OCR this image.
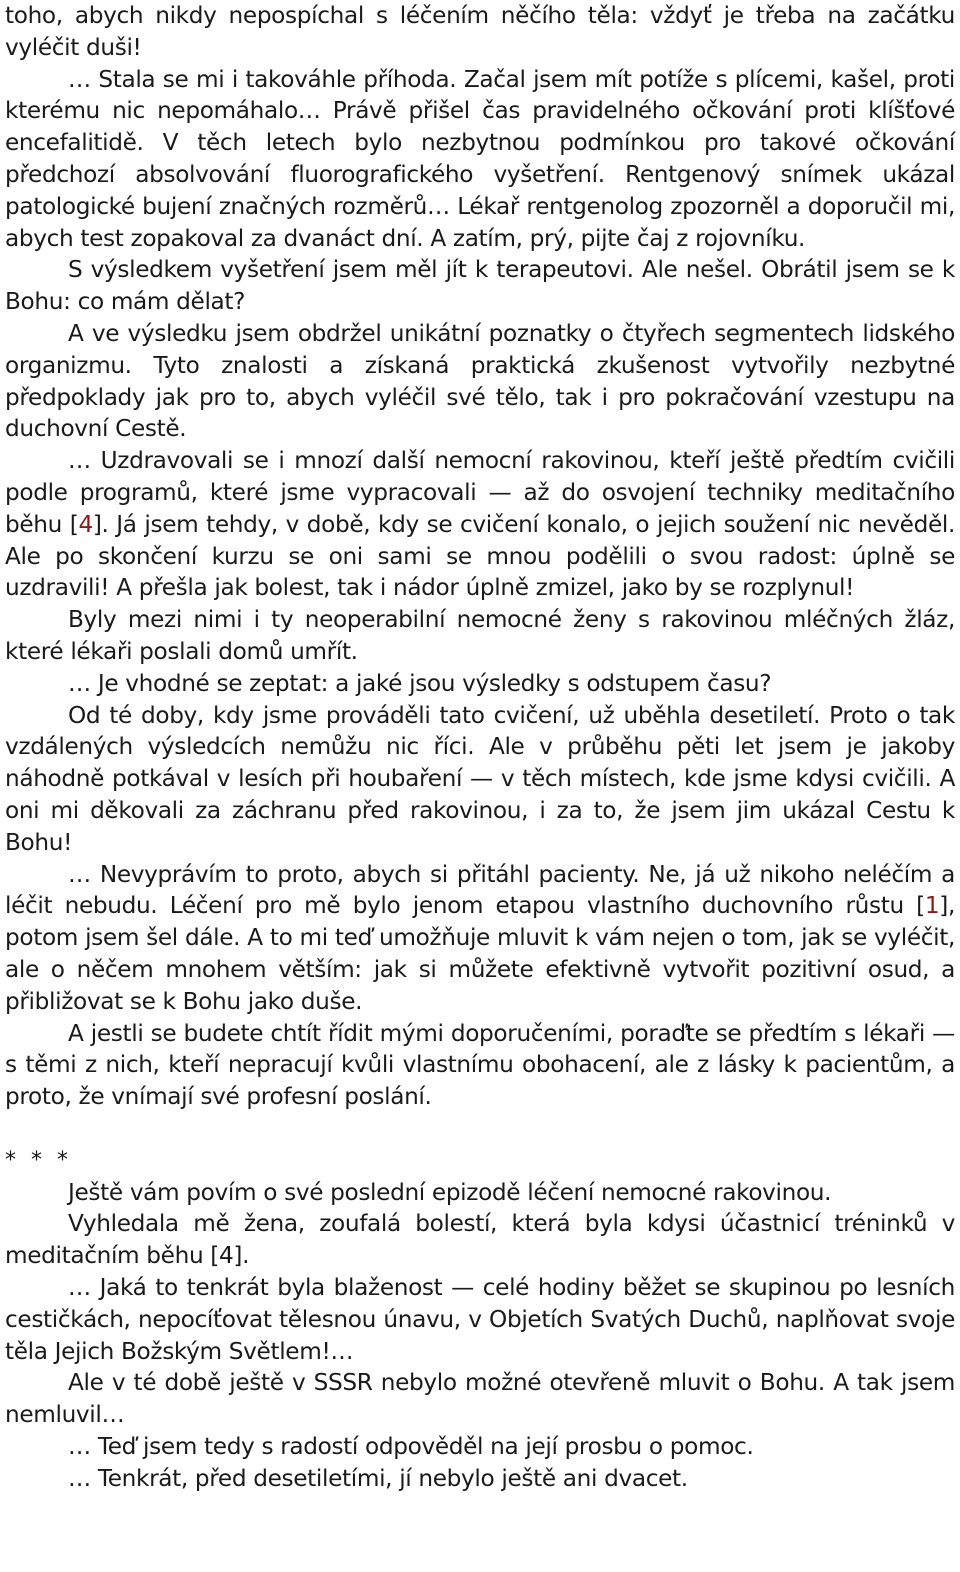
toho, abych nikdy nepospíchal s léčením něčího těla: vždyť je třeba na začátku vyléčit duši!

… Stala se mi i takováhle příhoda. Začal jsem mít potíže s plícemi, kašel, proti kterému nic nepomáhalo… Právě přišel čas pravidelného očkování proti klíšťové encefalitidě. V těch letech bylo nezbytnou podmínkou pro takové očkování předchozí absolvování fluorografického vyšetření. Rentgenový snímek ukázal patologické bujení značných rozměrů… Lékař rentgenolog zpozorněl a doporučil mi, abych test zopakoval za dvanáct dní. A zatím, prý, pijte čaj z rojovníku.

S výsledkem vyšetření jsem měl jít k terapeutovi. Ale nešel. Obrátil jsem se k Bohu: co mám dělat?

A ve výsledku jsem obdržel unikátní poznatky o čtyřech segmentech lidského organizmu. Tyto znalosti a získaná praktická zkušenost vytvořily nezbytné předpoklady jak pro to, abych vyléčil své tělo, tak i pro pokračování vzestupu na duchovní Cestě.

… Uzdravovali se i mnozí další nemocní rakovinou, kteří ještě předtím cvičili podle programů, které jsme vypracovali — až do osvojení techniky meditačního běhu [4]. Já jsem tehdy, v době, kdy se cvičení konalo, o jejich soužení nic nevěděl. Ale po skončení kurzu se oni sami se mnou podělili o svou radost: úplně se uzdravili! A přešla jak bolest, tak i nádor úplně zmizel, jako by se rozplynul!

Byly mezi nimi i ty neoperabilní nemocné ženy s rakovinou mléčných žláz, které lékaři poslali domů umřít.

… Je vhodné se zeptat: a jaké jsou výsledky s odstupem času?

Od té doby, kdy jsme prováděli tato cvičení, už uběhla desetiletí. Proto o tak vzdálených výsledcích nemůžu nic říci. Ale v průběhu pěti let jsem je jakoby náhodně potkával v lesích při houbaření — v těch místech, kde jsme kdysi cvičili. A oni mi děkovali za záchranu před rakovinou, i za to, že jsem jim ukázal Cestu k Bohu!

… Nevyprávím to proto, abych si přitáhl pacienty. Ne, já už nikoho neléčím a léčit nebudu. Léčení pro mě bylo jenom etapou vlastního duchovního růstu [1], potom jsem šel dále. A to mi teď umožňuje mluvit k vám nejen o tom, jak se vyléčit, ale o něčem mnohem větším: jak si můžete efektivně vytvořit pozitivní osud, a přibližovat se k Bohu jako duše.

A jestli se budete chtít řídit mými doporučeními, poraďte se předtím s lékaři — s těmi z nich, kteří nepracují kvůli vlastnímu obohacení, ale z lásky k pacientům, a proto, že vnímají své profesní poslání.

* * *

Ještě vám povím o své poslední epizodě léčení nemocné rakovinou.

Vyhledala mě žena, zoufalá bolestí, která byla kdysi účastnicí tréninků v meditačním běhu [4].

… Jaká to tenkrát byla blaženost — celé hodiny běžet se skupinou po lesních cestičkách, nepocíťovat tělesnou únavu, v Objetích Svatých Duchů, naplňovat svoje těla Jejich Božským Světlem!…

Ale v té době ještě v SSSR nebylo možné otevřeně mluvit o Bohu. A tak jsem nemluvil…

… Teď jsem tedy s radostí odpověděl na její prosbu o pomoc.

… Tenkrát, před desetiletími, jí nebylo ještě ani dvacet.
